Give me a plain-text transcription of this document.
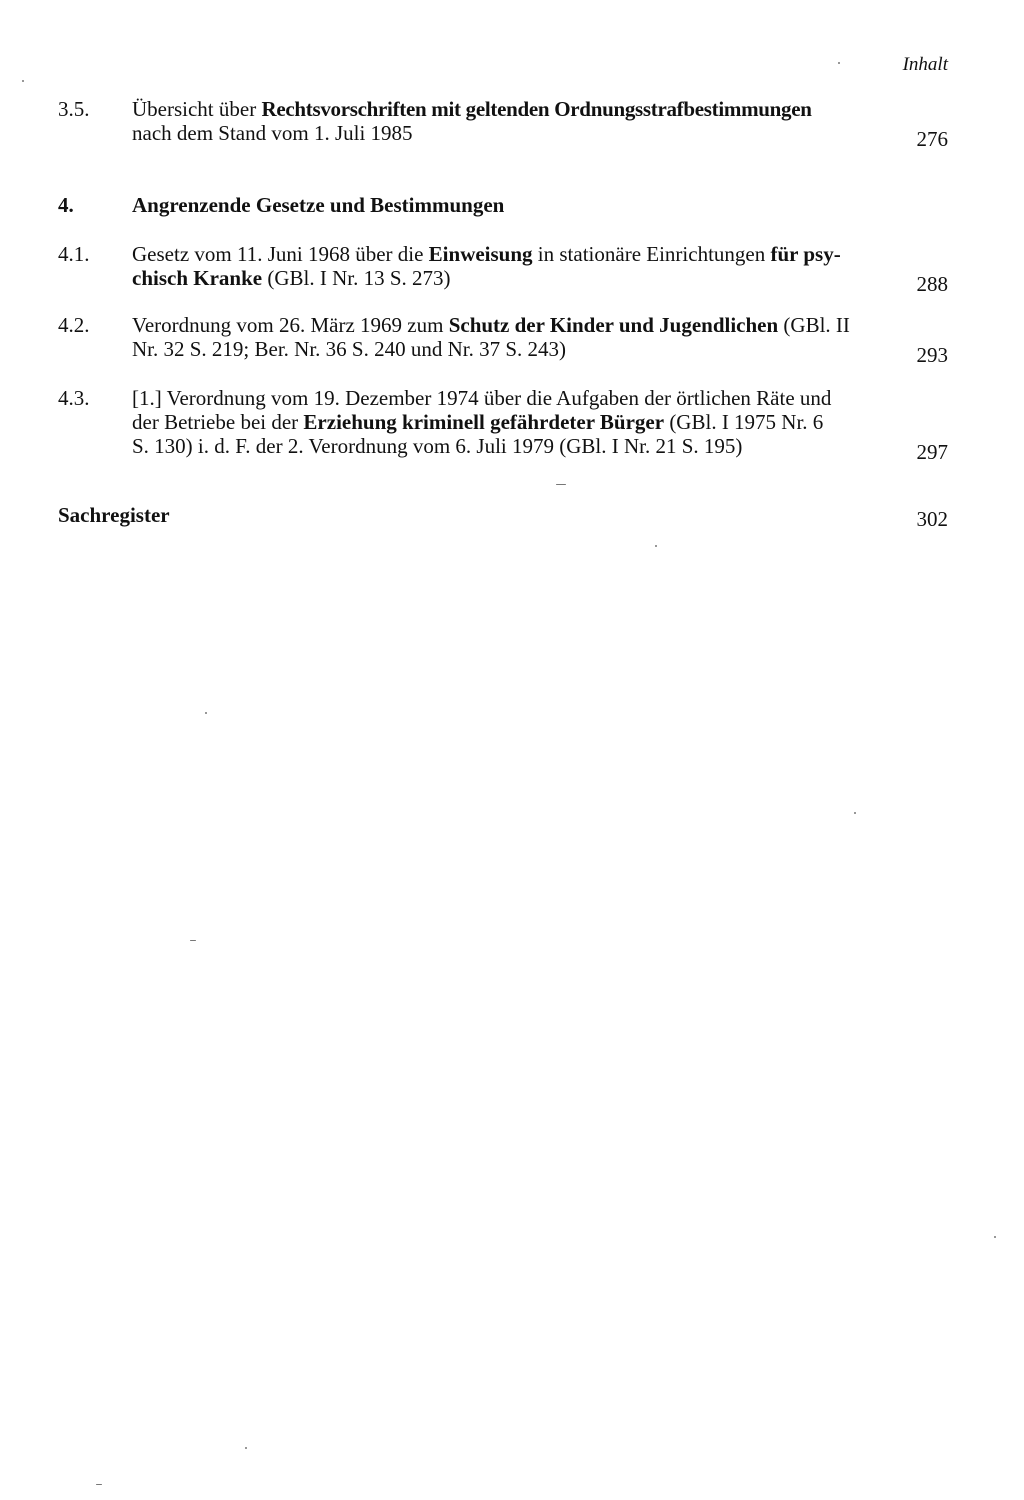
Inhalt
3.5. Übersicht über Rechtsvorschriften mit geltenden Ordnungsstrafbestimmungen
nach dem Stand vom 1. Juli 1985	276
4.	Angrenzende Gesetze und Bestimmungen
4.1. Gesetz vom 11. Juni 1968 über die Einweisung in stationäre Einrichtungen für psy-
chisch Kranke (GBl. I Nr. 13 S. 273)	288
4.2. Verordnung vom 26. März 1969 zum Schutz der Kinder und Jugendlichen (GBl. II
Nr. 32 S. 219; Ber. Nr. 36 S. 240 und Nr. 37 S. 243)	293
4.3. [1.] Verordnung vom 19. Dezember 1974 über die Aufgaben der örtlichen Räte und
der Betriebe bei der Erziehung kriminell gefährdeter Bürger (GBl. I 1975 Nr. 6
S. 130) i. d. F. der 2. Verordnung vom 6. Juli 1979 (GBl. I Nr. 21 S. 195)	297
Sachregister	302
